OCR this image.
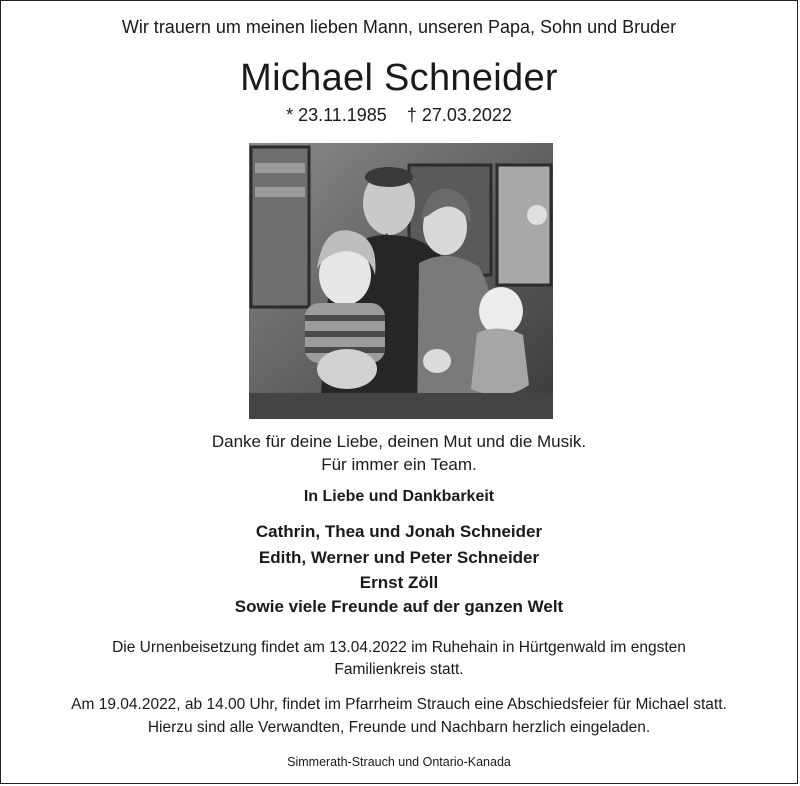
Wir trauern um meinen lieben Mann, unseren Papa, Sohn und Bruder
Michael Schneider
* 23.11.1985 † 27.03.2022
Danke für deine Liebe, deinen Mut und die Musik.
Für immer ein Team.
In Liebe und Dankbarkeit
Cathrin, Thea und Jonah Schneider
Edith, Werner und Peter Schneider
Ernst Zöll
Sowie viele Freunde auf der ganzen Welt
Die Urnenbeisetzung findet am 13.04.2022 im Ruhehain in Hürtgenwald im engsten
Familienkreis statt.
Am 19.04.2022, ab 14.00 Uhr, findet im Pfarrheim Strauch eine Abschiedsfeier für Michael statt.
Hierzu sind alle Verwandten, Freunde und Nachbarn herzlich eingeladen.
Simmerath-Strauch und Ontario-Kanada
